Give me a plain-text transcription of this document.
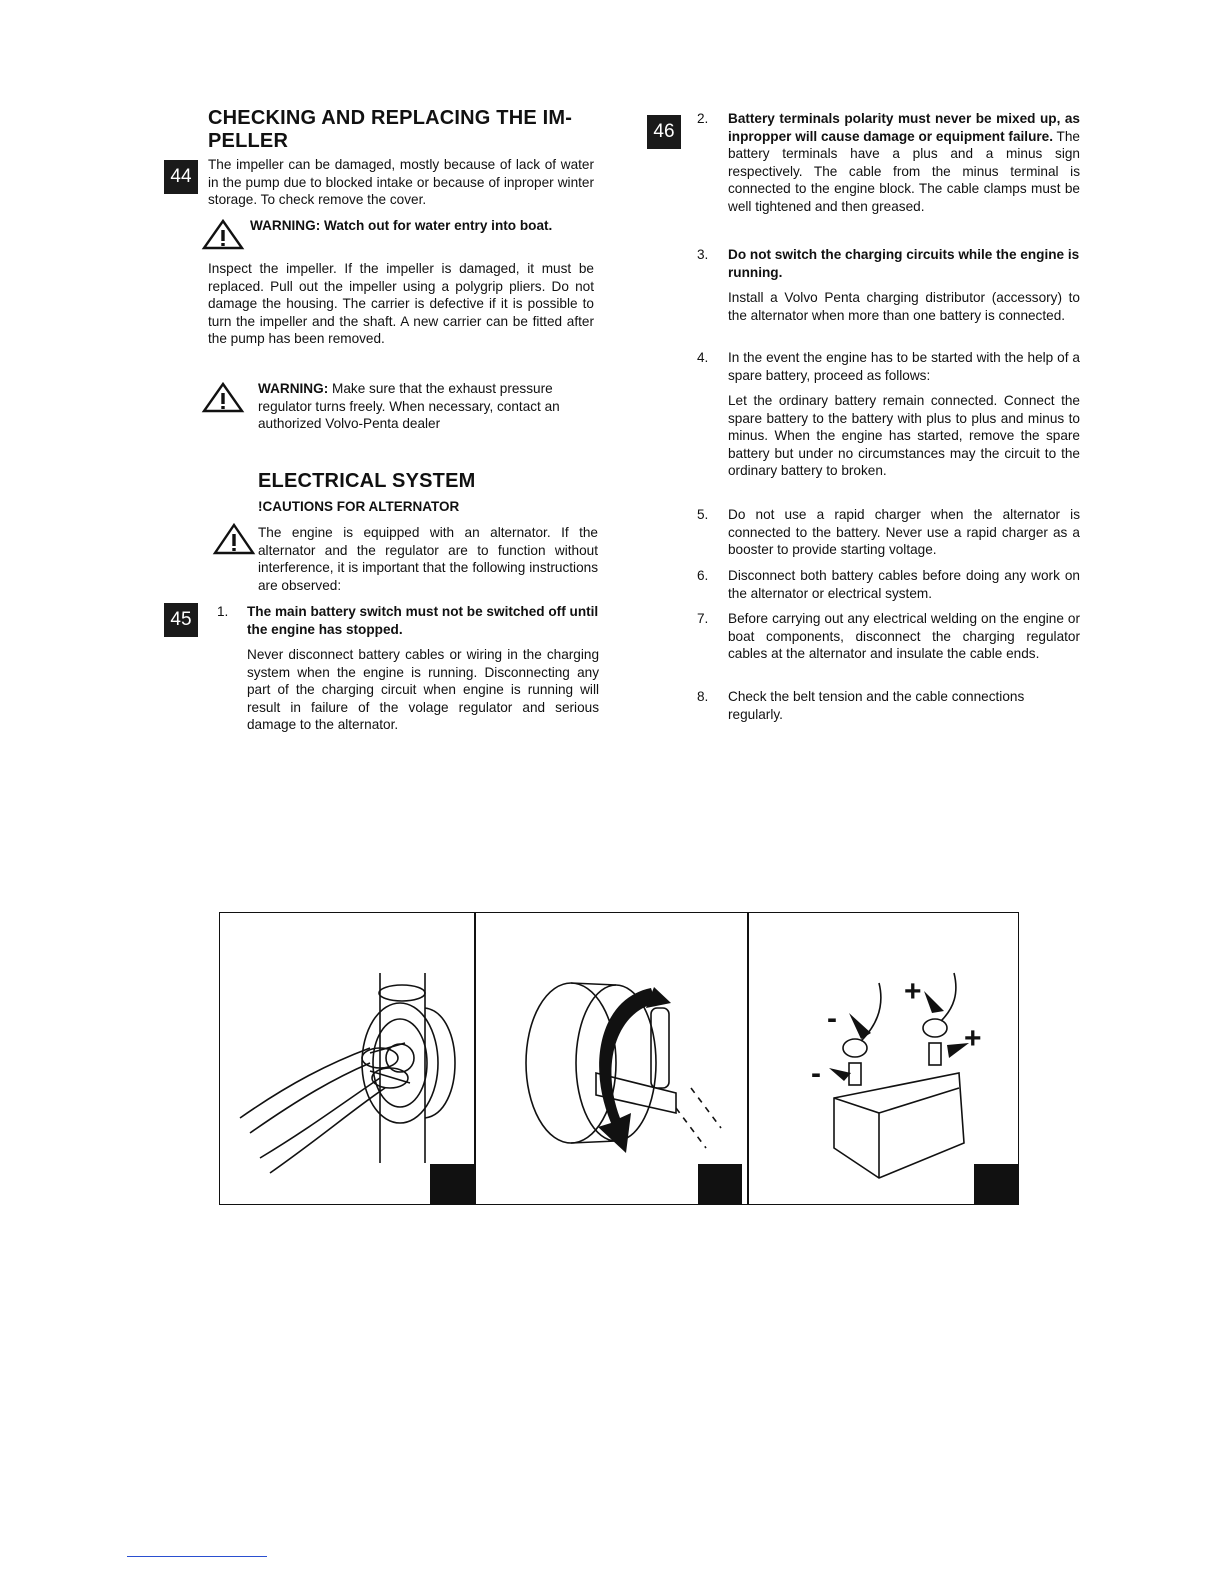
44
45
46
CHECKING AND REPLACING THE IM-
PELLER
The impeller can be damaged, mostly because of lack of water in the pump due to blocked intake or because of inproper winter storage. To check remove the cover.
WARNING: Watch out for water entry into boat.
Inspect the impeller. If the impeller is damaged, it must be replaced. Pull out the impeller using a polygrip pliers. Do not damage the housing. The carrier is defective if it is possible to turn the impeller and the shaft. A new carrier can be fitted after the pump has been removed.
WARNING: Make sure that the exhaust pressure regulator turns freely. When necessary, contact an authorized Volvo-Penta dealer
ELECTRICAL SYSTEM
!CAUTIONS FOR ALTERNATOR
The engine is equipped with an alternator. If the alternator and the regulator are to function without interference, it is important that the following instructions are observed:
1. The main battery switch must not be switched off until the engine has stopped.
Never disconnect battery cables or wiring in the charging system when the engine is running. Disconnecting any part of the charging circuit when engine is running will result in failure of the volage regulator and serious damage to the alternator.
2. Battery terminals polarity must never be mixed up, as inpropper will cause damage or equipment failure. The battery terminals have a plus and a minus sign respectively. The cable from the minus terminal is connected to the engine block. The cable clamps must be well tightened and then greased.
3. Do not switch the charging circuits while the engine is running.
Install a Volvo Penta charging distributor (accessory) to the alternator when more than one battery is connected.
4. In the event the engine has to be started with the help of a spare battery, proceed as follows:
Let the ordinary battery remain connected. Connect the spare battery to the battery with plus to plus and minus to minus. When the engine has started, remove the spare battery but under no circumstances may the circuit to the ordinary battery to broken.
5. Do not use a rapid charger when the alternator is connected to the battery. Never use a rapid charger as a booster to provide starting voltage.
6. Disconnect both battery cables before doing any work on the alternator or electrical system.
7. Before carrying out any electrical welding on the engine or boat components, disconnect the charging regulator cables at the alternator and insulate the cable ends.
8. Check the belt tension and the cable connections regularly.
+
-
+
-
